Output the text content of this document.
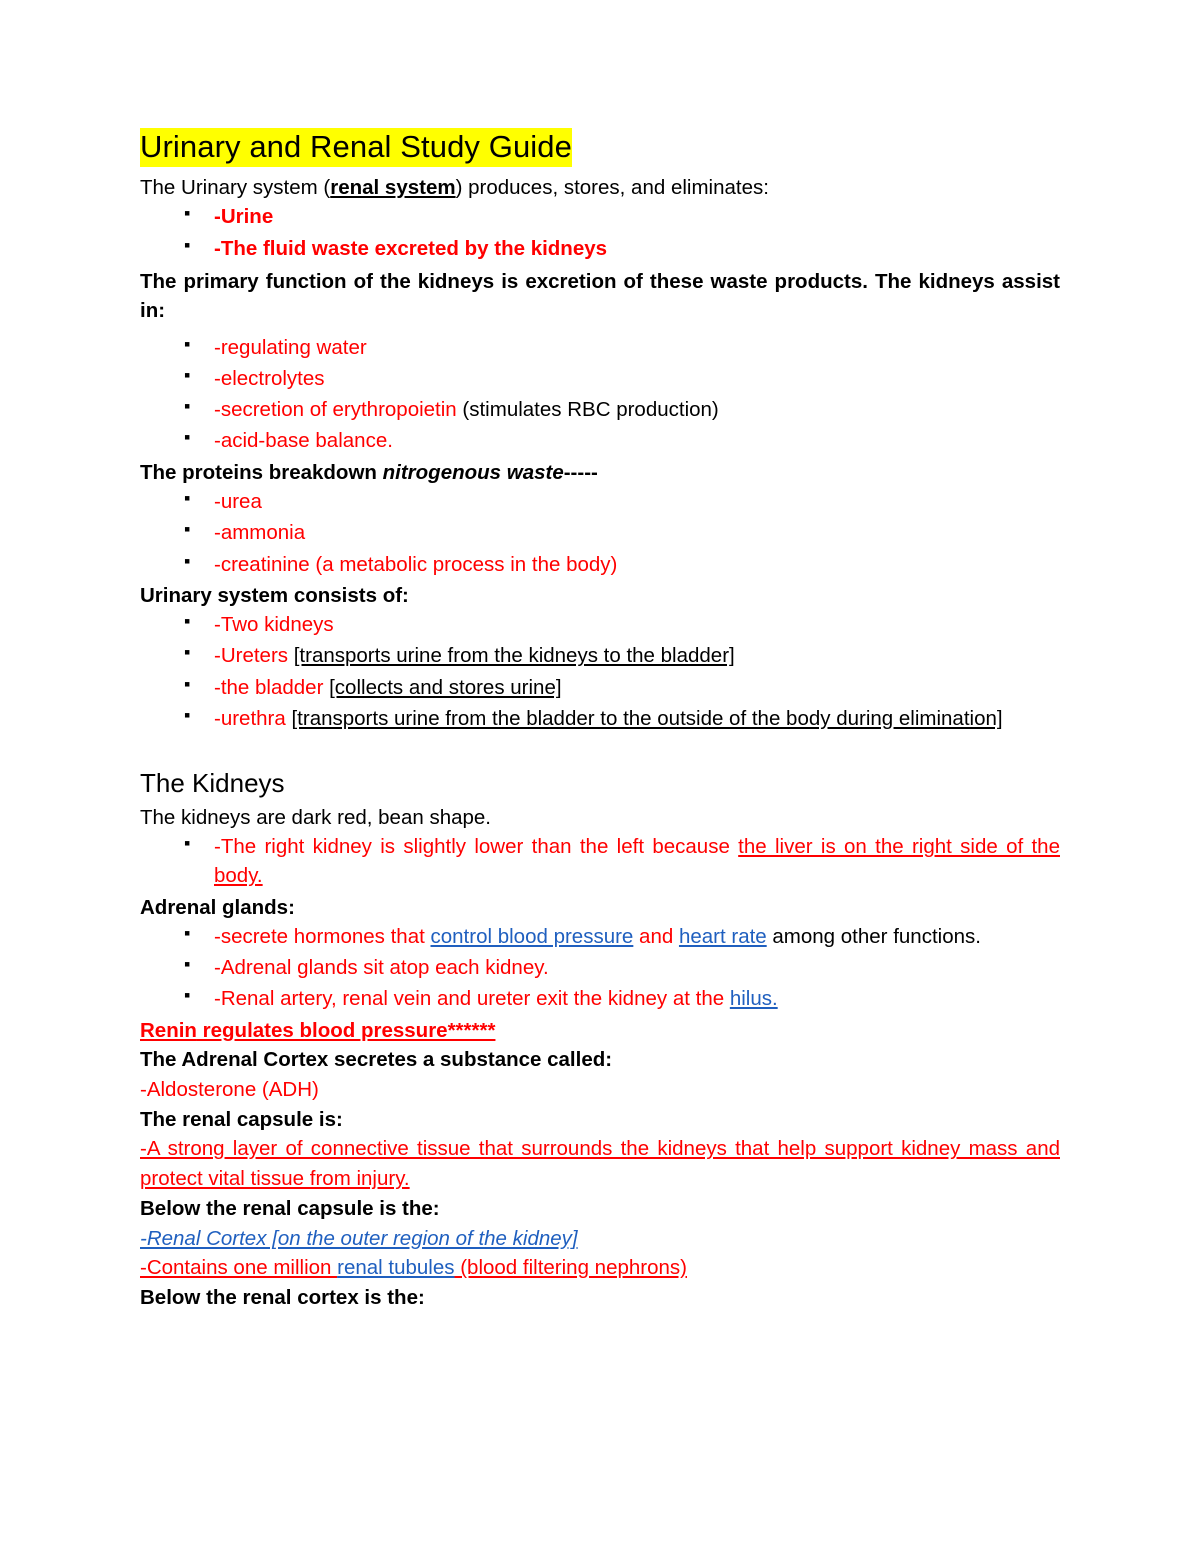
Urinary and Renal Study Guide

The Urinary system (renal system) produces, stores, and eliminates:

▪ -Urine
▪ -The fluid waste excreted by the kidneys

The primary function of the kidneys is excretion of these waste products. The kidneys assist in:

▪ -regulating water
▪ -electrolytes
▪ -secretion of erythropoietin (stimulates RBC production)
▪ -acid-base balance.

The proteins breakdown nitrogenous waste-----

▪ -urea
▪ -ammonia
▪ -creatinine (a metabolic process in the body)

Urinary system consists of:

▪ -Two kidneys
▪ -Ureters [transports urine from the kidneys to the bladder]
▪ -the bladder [collects and stores urine]
▪ -urethra [transports urine from the bladder to the outside of the body during elimination]
The Kidneys

The kidneys are dark red, bean shape.

▪ -The right kidney is slightly lower than the left because the liver is on the right side of the body.

Adrenal glands:

▪ -secrete hormones that control blood pressure and heart rate among other functions.
▪ -Adrenal glands sit atop each kidney.
▪ -Renal artery, renal vein and ureter exit the kidney at the hilus.

Renin regulates blood pressure******

The Adrenal Cortex secretes a substance called:

-Aldosterone (ADH)

The renal capsule is:

-A strong layer of connective tissue that surrounds the kidneys that help support kidney mass and protect vital tissue from injury.

Below the renal capsule is the:

-Renal Cortex [on the outer region of the kidney]

-Contains one million renal tubules (blood filtering nephrons)

Below the renal cortex is the:
